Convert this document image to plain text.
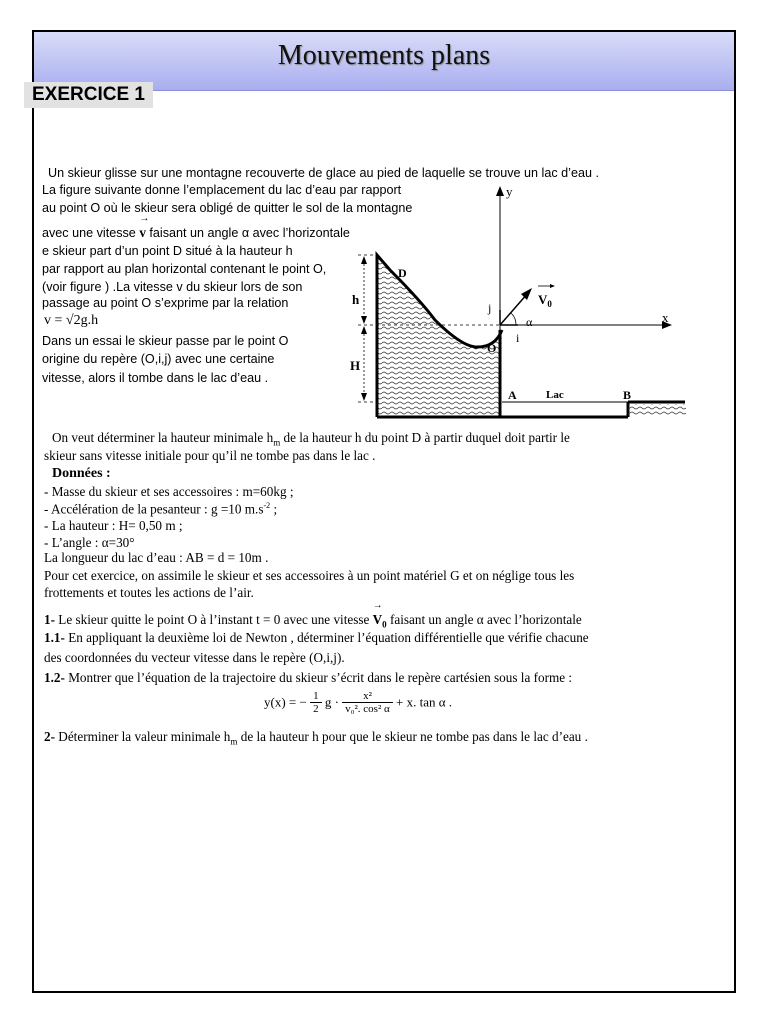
Mouvements plans
EXERCICE 1
Un skieur glisse sur une montagne recouverte de glace au pied de laquelle se trouve un lac d’eau .
La figure suivante donne l’emplacement du lac d’eau par rapport
au point O où le skieur sera obligé de quitter le sol de la montagne
avec une vitesse
→
v faisant un angle α avec l’horizontale
e skieur part d’un point D situé à la hauteur h
par rapport au plan horizontal contenant le point O,
(voir figure ) .La vitesse v du skieur lors de son
passage au point O s’exprime par la relation
v = √2g.h
Dans un essai le skieur passe par le point O
origine du repère (O,i,j) avec une certaine
vitesse, alors il tombe dans le lac d’eau .
y
x
D
O
A	B
Lac
h
H
i
j
α
$V_0$
On veut déterminer la hauteur minimale $h_m$ de la hauteur h du point D à partir duquel doit partir le
skieur sans vitesse initiale pour qu’il ne tombe pas dans le lac .
Données :
- Masse du skieur et ses accessoires : m=60kg ;
- Accélération de la pesanteur : g =10 $m.s^{-2}$ ;
- La hauteur : H= 0,50 m ;
- L’angle : α=30°
La longueur du lac d’eau : AB = d = 10m .
Pour cet exercice, on assimile le skieur et ses accessoires à un point matériel G et on néglige tous les
frottements et toutes les actions de l’air.
1- Le skieur quitte le point O à l’instant t = 0 avec une vitesse
→
$V_0$ faisant un angle α avec l’horizontale
1.1- En appliquant la deuxième loi de Newton , déterminer l’équation différentielle que vérifie chacune
des coordonnées du vecteur vitesse dans le repère (O,i,j).
1.2- Montrer que l’équation de la trajectoire du skieur s’écrit dans le repère cartésien sous la forme :
y(x) = − $\frac{1}{2}$ $g \cdot \frac{\text{x²}}{\text{v₀². cos² α}} + x$. tan α .
2- Déterminer la valeur minimale $h_m$ de la hauteur h pour que le skieur ne tombe pas dans le lac d’eau .
